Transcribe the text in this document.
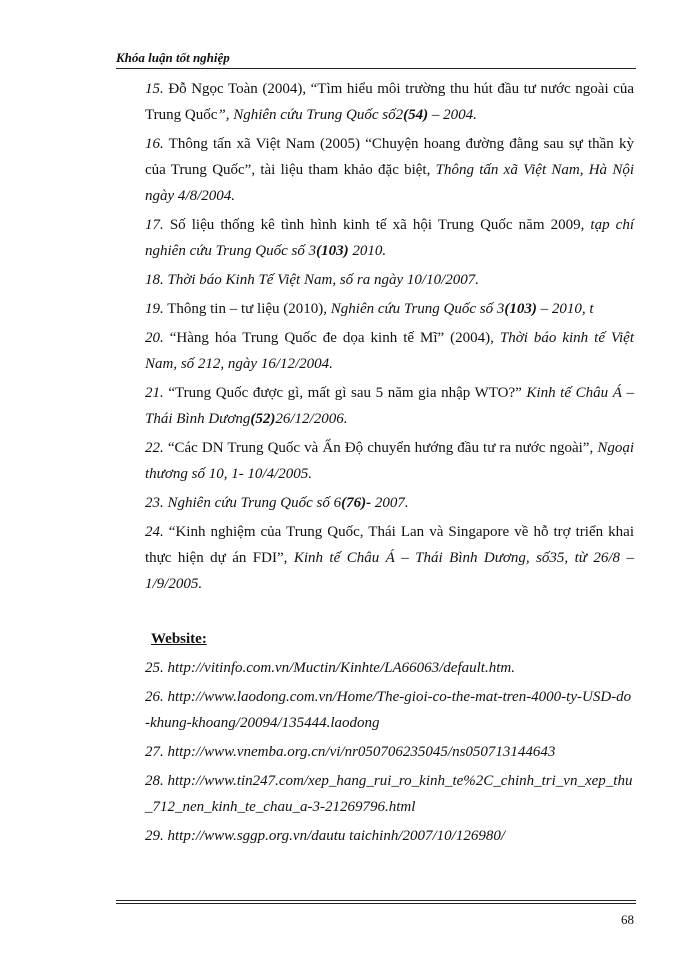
Khóa luận tốt nghiệp

15. Đỗ Ngọc Toàn (2004), “Tìm hiểu môi trường thu hút đầu tư nước ngoài của Trung Quốc”, Nghiên cứu Trung Quốc số2(54) – 2004.

16. Thông tấn xã Việt Nam (2005) “Chuyện hoang đường đằng sau sự thần kỳ của Trung Quốc”, tài liệu tham khảo đặc biệt, Thông tấn xã Việt Nam, Hà Nội ngày 4/8/2004.

17. Số liệu thống kê tình hình kinh tế xã hội Trung Quốc năm 2009, tạp chí nghiên cứu Trung Quốc số 3(103) 2010.

18. Thời báo Kinh Tế Việt Nam, số ra ngày 10/10/2007.

19. Thông tin – tư liệu (2010), Nghiên cứu Trung Quốc số 3(103) – 2010, t

20. “Hàng hóa Trung Quốc đe dọa kinh tế Mĩ” (2004), Thời báo kinh tế Việt Nam, số 212, ngày 16/12/2004.

21. “Trung Quốc được gì, mất gì sau 5 năm gia nhập WTO?” Kinh tế Châu Á – Thái Bình Dương(52)26/12/2006.

22. “Các DN Trung Quốc và Ấn Độ chuyển hướng đầu tư ra nước ngoài”, Ngoại thương số 10, 1- 10/4/2005.

23. Nghiên cứu Trung Quốc số 6(76)- 2007.

24. “Kinh nghiệm của Trung Quốc, Thái Lan và Singapore về hỗ trợ triển khai thực hiện dự án FDI”, Kinh tế Châu Á – Thái Bình Dương, số35, từ 26/8 – 1/9/2005.

Website:

25. http://vitinfo.com.vn/Muctin/Kinhte/LA66063/default.htm.

26. http://www.laodong.com.vn/Home/The-gioi-co-the-mat-tren-4000-ty-USD-do-khung-khoang/20094/135444.laodong

27. http://www.vnemba.org.cn/vi/nr050706235045/ns050713144643

28. http://www.tin247.com/xep_hang_rui_ro_kinh_te%2C_chinh_tri_vn_xep_thu_712_nen_kinh_te_chau_a-3-21269796.html

29. http://www.sggp.org.vn/dautu taichinh/2007/10/126980/

68
